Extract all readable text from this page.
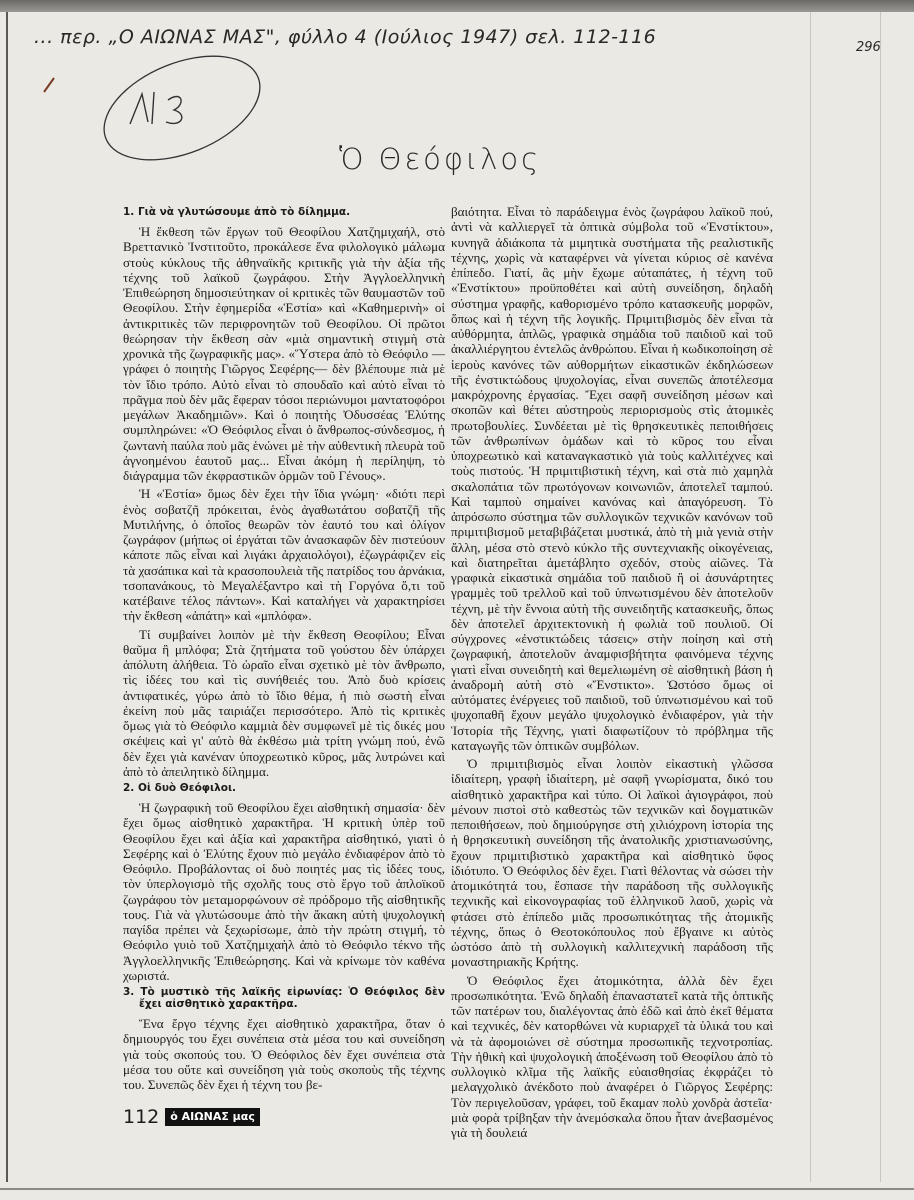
... περ. „Ο ΑΙΩΝΑΣ ΜΑΣ", φύλλο 4 (Ιούλιος 1947) σελ. 112-116	296
Ὁ Θεόφιλος
1. Γιὰ νὰ γλυτώσουμε ἀπὸ τὸ δίλημμα.

Ἡ ἔκθεση τῶν ἔργων τοῦ Θεοφίλου Χατζημιχαήλ, στὸ Βρεττανικὸ Ἰνστιτοῦτο, προκάλεσε ἕνα φιλολογικὸ μάλωμα στοὺς κύκλους τῆς ἀθηναϊκῆς κριτικῆς γιὰ τὴν ἀξία τῆς τέχνης τοῦ λαϊκοῦ ζωγράφου. Στὴν Ἀγγλοελληνικὴ Ἐπιθεώρηση δημοσιεύτηκαν οἱ κριτικὲς τῶν θαυμαστῶν τοῦ Θεοφίλου. Στὴν ἐφημερίδα «Ἑστία» καὶ «Καθημερινὴ» οἱ ἀντικριτικὲς τῶν περιφρονητῶν τοῦ Θεοφίλου. Οἱ πρῶτοι θεώρησαν τὴν ἔκθεση σὰν «μιὰ σημαντικὴ στιγμὴ στὰ χρονικὰ τῆς ζωγραφικῆς μας». «Ὕστερα ἀπὸ τὸ Θεόφιλο —γράφει ὁ ποιητὴς Γιῶργος Σεφέρης— δὲν βλέπουμε πιὰ μὲ τὸν ἴδιο τρόπο. Αὐτὸ εἶναι τὸ σπουδαῖο καὶ αὐτὸ εἶναι τὸ πρᾶγμα ποὺ δὲν μᾶς ἔφεραν τόσοι περιώνυμοι μαντατοφόροι μεγάλων Ἀκαδημιῶν». Καὶ ὁ ποιητὴς Ὀδυσσέας Ἐλύτης συμπληρώνει: «Ὁ Θεόφιλος εἶναι ὁ ἄνθρωπος-σύνδεσμος, ἡ ζωντανὴ παύλα ποὺ μᾶς ἑνώνει μὲ τὴν αὐθεντικὴ πλευρὰ τοῦ ἀγνοημένου ἑαυτοῦ μας... Εἶναι ἀκόμη ἡ περίληψη, τὸ διάγραμμα τῶν ἐκφραστικῶν ὁρμῶν τοῦ Γένους».

Ἡ «Ἑστία» ὅμως δὲν ἔχει τὴν ἴδια γνώμη· «διότι περὶ ἑνὸς σοβατζῆ πρόκειται, ἑνὸς ἀγαθωτάτου σοβατζῆ τῆς Μυτιλήνης, ὁ ὁποῖος θεωρῶν τὸν ἑαυτό του καὶ ὀλίγον ζωγράφον (μήπως οἱ ἐργάται τῶν ἀνασκαφῶν δὲν πιστεύουν κάποτε πῶς εἶναι καὶ λιγάκι ἀρχαιολόγοι), ἐζωγράφιζεν εἰς τὰ χασάπικα καὶ τὰ κρασοπουλειὰ τῆς πατρίδος του ἀρνάκια, τσοπανάκους, τὸ Μεγαλέξαντρο καὶ τὴ Γοργόνα ὅ,τι τοῦ κατέβαινε τέλος πάντων». Καὶ καταλήγει νὰ χαρακτηρίσει τὴν ἔκθεση «ἀπάτη» καὶ «μπλόφα».

Τί συμβαίνει λοιπὸν μὲ τὴν ἔκθεση Θεοφίλου; Εἶναι θαῦμα ἢ μπλόφα; Στὰ ζητήματα τοῦ γούστου δὲν ὑπάρχει ἀπόλυτη ἀλήθεια. Τὸ ὡραῖο εἶναι σχετικὸ μὲ τὸν ἄνθρωπο, τὶς ἰδέες του καὶ τὶς συνήθειές του. Ἀπὸ δυὸ κρίσεις ἀντιφατικές, γύρω ἀπὸ τὸ ἴδιο θέμα, ἡ πιὸ σωστὴ εἶναι ἐκείνη ποὺ μᾶς ταιριάζει περισσότερο. Ἀπὸ τὶς κριτικὲς ὅμως γιὰ τὸ Θεόφιλο καμμιὰ δὲν συμφωνεῖ μὲ τὶς δικές μου σκέψεις καὶ γι' αὐτὸ θὰ ἐκθέσω μιὰ τρίτη γνώμη πού, ἐνῶ δὲν ἔχει γιὰ κανέναν ὑποχρεωτικὸ κῦρος, μᾶς λυτρώνει καὶ ἀπὸ τὸ ἀπειλητικὸ δίλημμα.

2. Οἱ δυὸ Θεόφιλοι.

Ἡ ζωγραφικὴ τοῦ Θεοφίλου ἔχει αἰσθητικὴ σημασία· δὲν ἔχει ὅμως αἰσθητικὸ χαρακτῆρα. Ἡ κριτικὴ ὑπὲρ τοῦ Θεοφίλου ἔχει καὶ ἀξία καὶ χαρακτῆρα αἰσθητικό, γιατὶ ὁ Σεφέρης καὶ ὁ Ἐλύτης ἔχουν πιὸ μεγάλο ἐνδιαφέρον ἀπὸ τὸ Θεόφιλο. Προβάλοντας οἱ δυὸ ποιητές μας τὶς ἰδέες τους, τὸν ὑπερλογισμὸ τῆς σχολῆς τους στὸ ἔργο τοῦ ἁπλοϊκοῦ ζωγράφου τὸν μεταμορφώνουν σὲ πρόδρομο τῆς αἰσθητικῆς τους. Γιὰ νὰ γλυτώσουμε ἀπὸ τὴν ἄκακη αὐτὴ ψυχολογικὴ παγίδα πρέπει νὰ ξεχωρίσωμε, ἀπὸ τὴν πρώτη στιγμή, τὸ Θεόφιλο γυιὸ τοῦ Χατζημιχαὴλ ἀπὸ τὸ Θεόφιλο τέκνο τῆς Ἀγγλοελληνικῆς Ἐπιθεώρησης. Καὶ νὰ κρίνωμε τὸν καθένα χωριστά.

3. Τὸ μυστικὸ τῆς λαϊκῆς εἰρωνίας: Ὁ Θεόφιλος δὲν ἔχει αἰσθητικὸ χαρακτῆρα.

Ἕνα ἔργο τέχνης ἔχει αἰσθητικὸ χαρακτῆρα, ὅταν ὁ δημιουργός του ἔχει συνέπεια στὰ μέσα του καὶ συνείδηση γιὰ τοὺς σκοπούς του. Ὁ Θεόφιλος δὲν ἔχει συνέπεια στὰ μέσα του οὔτε καὶ συνείδηση γιὰ τοὺς σκοποὺς τῆς τέχνης του. Συνεπῶς δὲν ἔχει ἡ τέχνη του βε-

112	ὁ ΑΙΩΝΑΣ μας

βαιότητα. Εἶναι τὸ παράδειγμα ἑνὸς ζωγράφου λαϊκοῦ πού, ἀντὶ νὰ καλλιεργεῖ τὰ ὀπτικὰ σύμβολα τοῦ «Ἐνστίκτου», κυνηγᾶ ἀδιάκοπα τὰ μιμητικὰ συστήματα τῆς ρεαλιστικῆς τέχνης, χωρὶς νὰ καταφέρνει νὰ γίνεται κύριος σὲ κανένα ἐπίπεδο. Γιατί, ἂς μὴν ἔχωμε αὐταπάτες, ἡ τέχνη τοῦ «Ἐνστίκτου» προϋποθέτει καὶ αὐτὴ συνείδηση, δηλαδὴ σύστημα γραφῆς, καθορισμένο τρόπο κατασκευῆς μορφῶν, ὅπως καὶ ἡ τέχνη τῆς λογικῆς. Πριμιτιβισμὸς δὲν εἶναι τὰ αὐθόρμητα, ἁπλῶς, γραφικὰ σημάδια τοῦ παιδιοῦ καὶ τοῦ ἀκαλλιέργητου ἐντελῶς ἀνθρώπου. Εἶναι ἡ κωδικοποίηση σὲ ἱεροὺς κανόνες τῶν αὐθορμήτων εἰκαστικῶν ἐκδηλώσεων τῆς ἐνστικτώδους ψυχολογίας, εἶναι συνεπῶς ἀποτέλεσμα μακρόχρονης ἐργασίας. Ἔχει σαφῆ συνείδηση μέσων καὶ σκοπῶν καὶ θέτει αὐστηροὺς περιορισμοὺς στὶς ἀτομικὲς πρωτοβουλίες. Συνδέεται μὲ τὶς θρησκευτικὲς πεποιθήσεις τῶν ἀνθρωπίνων ὁμάδων καὶ τὸ κῦρος του εἶναι ὑποχρεωτικὸ καὶ καταναγκαστικὸ γιὰ τοὺς καλλιτέχνες καὶ τοὺς πιστούς. Ἡ πριμιτιβιστικὴ τέχνη, καὶ στὰ πιὸ χαμηλὰ σκαλοπάτια τῶν πρωτόγονων κοινωνιῶν, ἀποτελεῖ ταμπού. Καὶ ταμποὺ σημαίνει κανόνας καὶ ἀπαγόρευση. Τὸ ἀπρόσωπο σύστημα τῶν συλλογικῶν τεχνικῶν κανόνων τοῦ πριμιτιβισμοῦ μεταβιβάζεται μυστικά, ἀπὸ τὴ μιὰ γενιὰ στὴν ἄλλη, μέσα στὸ στενὸ κύκλο τῆς συντεχνιακῆς οἰκογένειας, καὶ διατηρεῖται ἀμετάβλητο σχεδόν, στοὺς αἰῶνες. Τὰ γραφικὰ εἰκαστικὰ σημάδια τοῦ παιδιοῦ ἢ οἱ ἀσυνάρτητες γραμμὲς τοῦ τρελλοῦ καὶ τοῦ ὑπνωτισμένου δὲν ἀποτελοῦν τέχνη, μὲ τὴν ἔννοια αὐτὴ τῆς συνειδητῆς κατασκευῆς, ὅπως δὲν ἀποτελεῖ ἀρχιτεκτονικὴ ἡ φωλιὰ τοῦ πουλιοῦ. Οἱ σύγχρονες «ἐνστικτώδεις τάσεις» στὴν ποίηση καὶ στὴ ζωγραφική, ἀποτελοῦν ἀναμφισβήτητα φαινόμενα τέχνης γιατὶ εἶναι συνειδητὴ καὶ θεμελιωμένη σὲ αἰσθητικὴ βάση ἡ ἀναδρομὴ αὐτὴ στὸ «Ἔνστικτο». Ὡστόσο ὅμως οἱ αὐτόματες ἐνέργειες τοῦ παιδιοῦ, τοῦ ὑπνωτισμένου καὶ τοῦ ψυχοπαθῆ ἔχουν μεγάλο ψυχολογικὸ ἐνδιαφέρον, γιὰ τὴν Ἱστορία τῆς Τέχνης, γιατὶ διαφωτίζουν τὸ πρόβλημα τῆς καταγωγῆς τῶν ὀπτικῶν συμβόλων.

Ὁ πριμιτιβισμὸς εἶναι λοιπὸν εἰκαστικὴ γλῶσσα ἰδιαίτερη, γραφὴ ἰδιαίτερη, μὲ σαφῆ γνωρίσματα, δικό του αἰσθητικὸ χαρακτῆρα καὶ τύπο. Οἱ λαϊκοὶ ἁγιογράφοι, ποὺ μένουν πιστοὶ στὸ καθεστὼς τῶν τεχνικῶν καὶ δογματικῶν πεποιθήσεων, ποὺ δημιούργησε στὴ χιλιόχρονη ἱστορία της ἡ θρησκευτικὴ συνείδηση τῆς ἀνατολικῆς χριστιανωσύνης, ἔχουν πριμιτιβιστικὸ χαρακτῆρα καὶ αἰσθητικὸ ὕφος ἰδιότυπο. Ὁ Θεόφιλος δὲν ἔχει. Γιατὶ θέλοντας νὰ σώσει τὴν ἀτομικότητά του, ἔσπασε τὴν παράδοση τῆς συλλογικῆς τεχνικῆς καὶ εἰκονογραφίας τοῦ ἑλληνικοῦ λαοῦ, χωρὶς νὰ φτάσει στὸ ἐπίπεδο μιᾶς προσωπικότητας τῆς ἀτομικῆς τέχνης, ὅπως ὁ Θεοτοκόπουλος ποὺ ἔβγαινε κι αὐτὸς ὡστόσο ἀπὸ τὴ συλλογικὴ καλλιτεχνικὴ παράδοση τῆς μοναστηριακῆς Κρήτης.

Ὁ Θεόφιλος ἔχει ἀτομικότητα, ἀλλὰ δὲν ἔχει προσωπικότητα. Ἐνῶ δηλαδὴ ἐπαναστατεῖ κατὰ τῆς ὀπτικῆς τῶν πατέρων του, διαλέγοντας ἀπὸ ἐδῶ καὶ ἀπὸ ἐκεῖ θέματα καὶ τεχνικές, δὲν κατορθώνει νὰ κυριαρχεῖ τὰ ὑλικά του καὶ νὰ τὰ ἀφομοιώνει σὲ σύστημα προσωπικῆς τεχνοτροπίας. Τὴν ἠθικὴ καὶ ψυχολογικὴ ἀποξένωση τοῦ Θεοφίλου ἀπὸ τὸ συλλογικὸ κλῖμα τῆς λαϊκῆς εὐαισθησίας ἐκφράζει τὸ μελαγχολικὸ ἀνέκδοτο ποὺ ἀναφέρει ὁ Γιῶργος Σεφέρης: Τὸν περιγελοῦσαν, γράφει, τοῦ ἔκαμαν πολὺ χονδρὰ ἀστεῖα· μιὰ φορὰ τρίβηξαν τὴν ἀνεμόσκαλα ὅπου ἦταν ἀνεβασμένος γιὰ τὴ δουλειά
